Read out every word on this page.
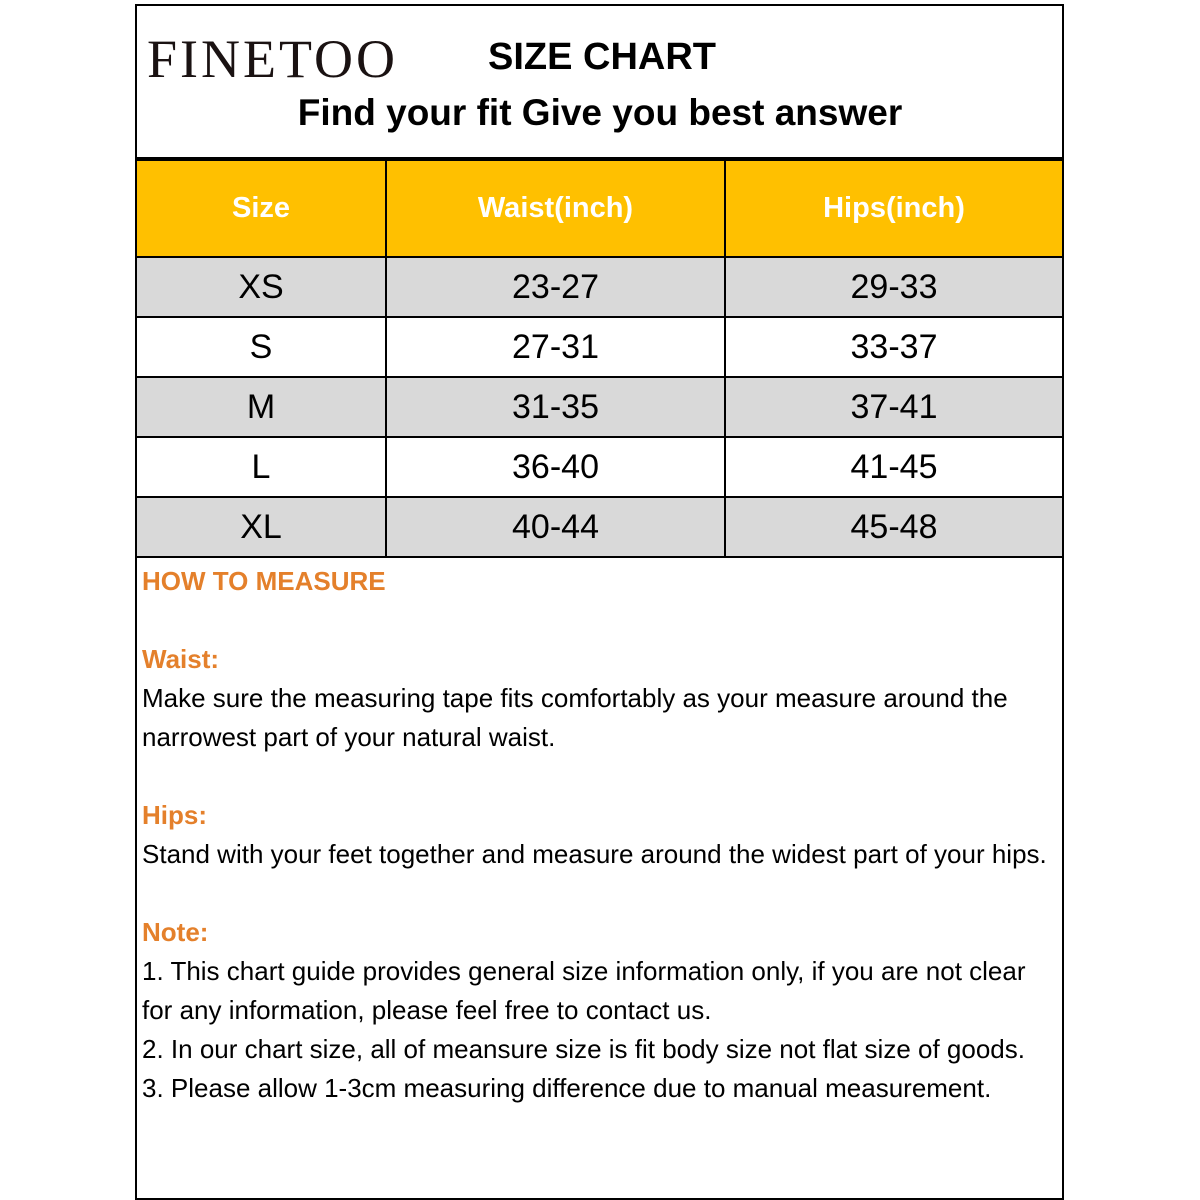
FINETOO	SIZE CHART
Find your fit Give you best answer
Size	Waist(inch)	Hips(inch)
XS	23-27	29-33
S	27-31	33-37
M	31-35	37-41
L	36-40	41-45
XL	40-44	45-48

HOW TO MEASURE

Waist:

Make sure the measuring tape fits comfortably as your measure around the narrowest part of your natural waist.

Hips:

Stand with your feet together and measure around the widest part of your hips.

Note:

1. This chart guide provides general size information only, if you are not clear for any information, please feel free to contact us.

2. In our chart size, all of meansure size is fit body size not flat size of goods.

3. Please allow 1-3cm measuring difference due to manual measurement.
